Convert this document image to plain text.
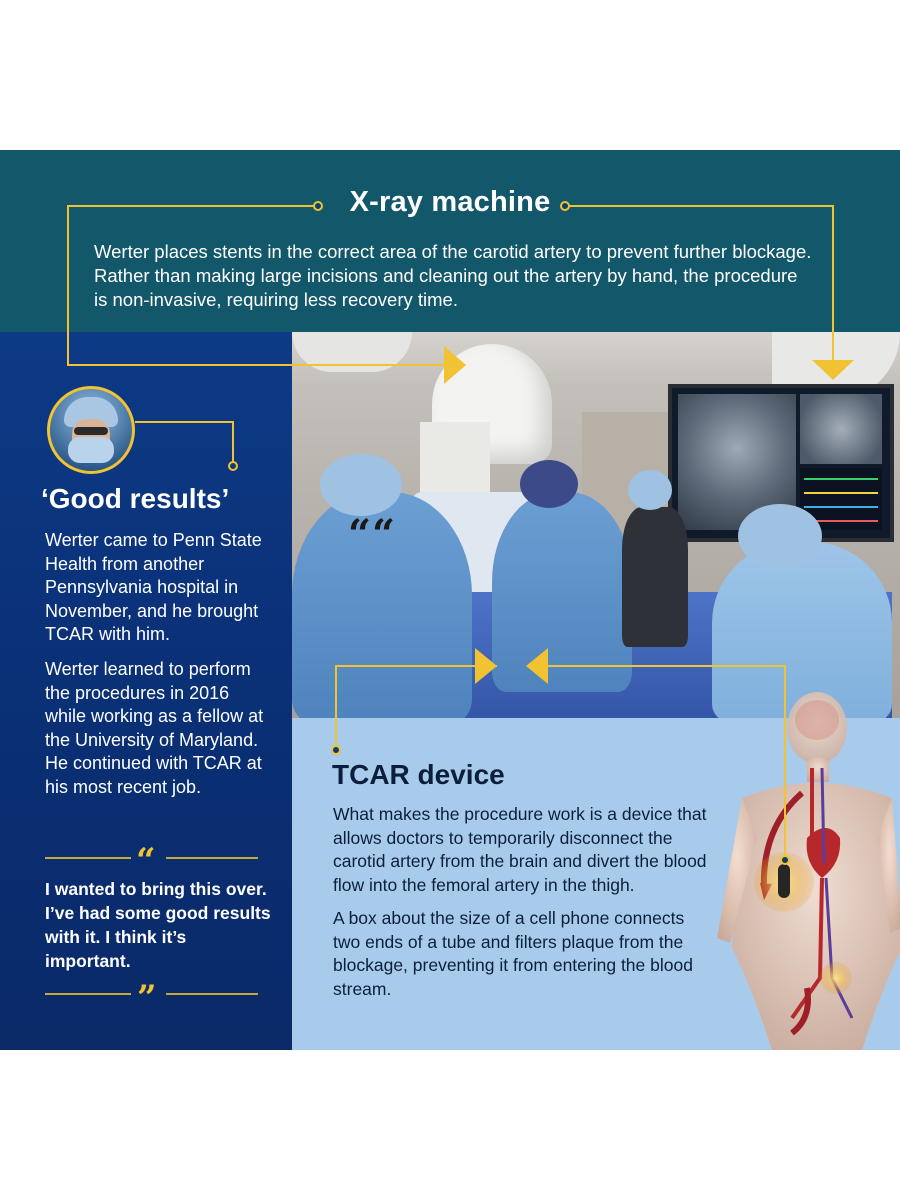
X-ray machine
Werter places stents in the correct area of the carotid artery to prevent further blockage. Rather than making large incisions and cleaning out the artery by hand, the procedure is non-invasive, requiring less recovery time.
‘Good results’
Werter came to Penn State Health from another Pennsylvania hospital in November, and he brought TCAR with him.
Werter learned to perform the procedures in 2016 while working as a fellow at the University of Maryland. He continued with TCAR at his most recent job.
“
I wanted to bring this over. I’ve had some good results with it. I think it’s important.
”
TCAR device
What makes the procedure work is a device that allows doctors to temporarily disconnect the carotid artery from the brain and divert the blood flow into the femoral artery in the thigh.
A box about the size of a cell phone connects two ends of a tube and filters plaque from the blockage, preventing it from entering the blood stream.
“ “
